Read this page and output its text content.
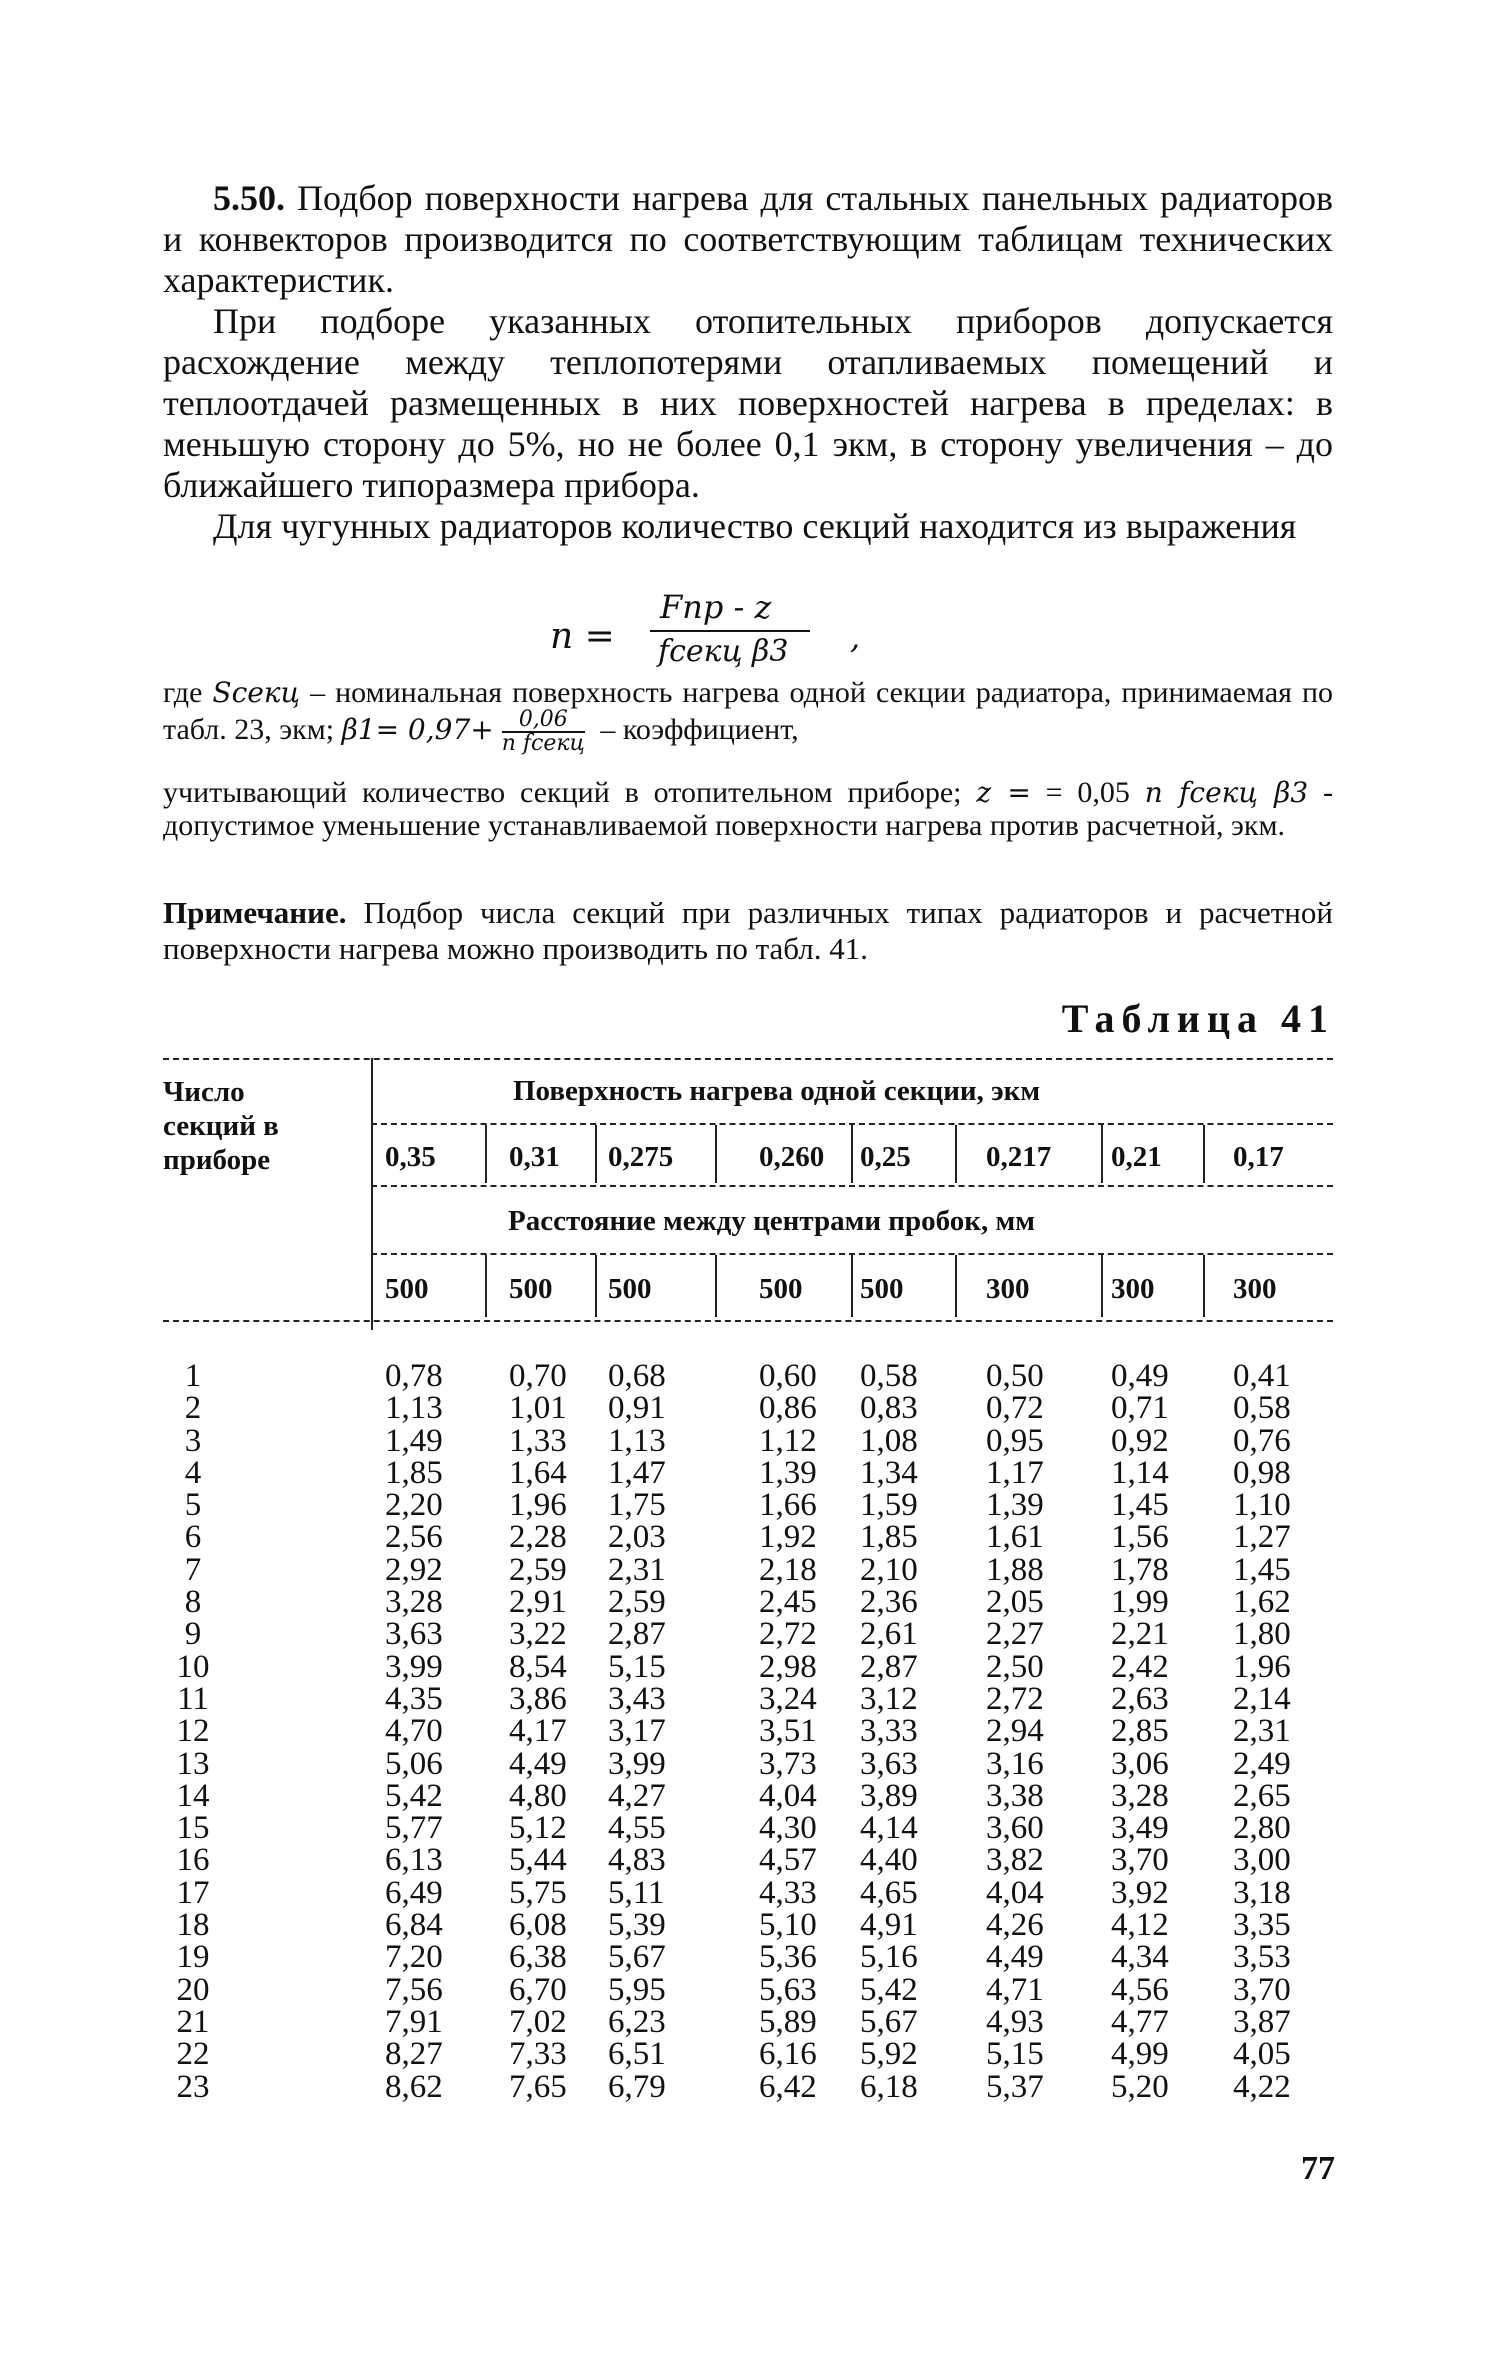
5.50. Подбор поверхности нагрева для стальных панельных радиаторов и конвекторов производится по соответствующим таблицам технических характеристик.

При подборе указанных отопительных приборов допускается расхождение между теплопотерями отапливаемых помещений и теплоотдачей размещенных в них поверхностей нагрева в пределах: в меньшую сторону до 5%, но не более 0,1 экм, в сторону увеличения – до ближайшего типоразмера прибора.

Для чугунных радиаторов количество секций находится из выражения

n =
Fпр - z
fсекц β3 ,

где Sсекц – номинальная поверхность нагрева одной секции радиатора, принимаемая по табл. 23, экм; β1= 0,97+	0,06
n fсекц – коэффициент,

учитывающий количество секций в отопительном приборе; z = = 0,05 n fсекц β3 - допустимое уменьшение устанавливаемой поверхности нагрева против расчетной, экм.

Примечание. Подбор числа секций при различных типах радиаторов и расчетной поверхности нагрева можно производить по табл. 41.

Таблица 41
Число
секций в
приборе
Поверхность нагрева одной секции, экм
0,35	0,31 0,275	0,260 0,25	0,217 0,21 0,17
Расстояние между центрами пробок, мм
500	500 500	500 500	300	300	300
1	0,78 0,70 0,68	0,60 0,58 0,50 0,49 0,41
2	1,13 1,01 0,91	0,86 0,83 0,72 0,71 0,58
3	1,49 1,33 1,13	1,12 1,08 0,95 0,92 0,76
4	1,85 1,64 1,47	1,39 1,34 1,17 1,14 0,98
5	2,20 1,96 1,75	1,66 1,59 1,39 1,45 1,10
6	2,56 2,28 2,03	1,92 1,85 1,61 1,56 1,27
7	2,92 2,59 2,31	2,18 2,10 1,88 1,78 1,45
8	3,28 2,91 2,59	2,45 2,36 2,05 1,99 1,62
9	3,63 3,22 2,87	2,72 2,61 2,27 2,21 1,80
10	3,99 8,54 5,15	2,98 2,87 2,50 2,42 1,96
11	4,35 3,86 3,43	3,24 3,12 2,72 2,63 2,14
12	4,70 4,17 3,17	3,51 3,33 2,94 2,85 2,31
13	5,06 4,49 3,99	3,73 3,63 3,16 3,06 2,49
14	5,42 4,80 4,27	4,04 3,89 3,38 3,28 2,65
15	5,77 5,12 4,55	4,30 4,14 3,60 3,49 2,80
16	6,13 5,44 4,83	4,57 4,40 3,82 3,70 3,00
17	6,49 5,75 5,11	4,33 4,65 4,04 3,92 3,18
18	6,84 6,08 5,39	5,10 4,91 4,26 4,12 3,35
19	7,20 6,38 5,67	5,36 5,16 4,49 4,34 3,53
20	7,56 6,70 5,95	5,63 5,42 4,71 4,56 3,70
21	7,91 7,02 6,23	5,89 5,67 4,93 4,77 3,87
22	8,27 7,33 6,51	6,16 5,92 5,15 4,99 4,05
23	8,62 7,65 6,79	6,42 6,18 5,37 5,20 4,22
77
